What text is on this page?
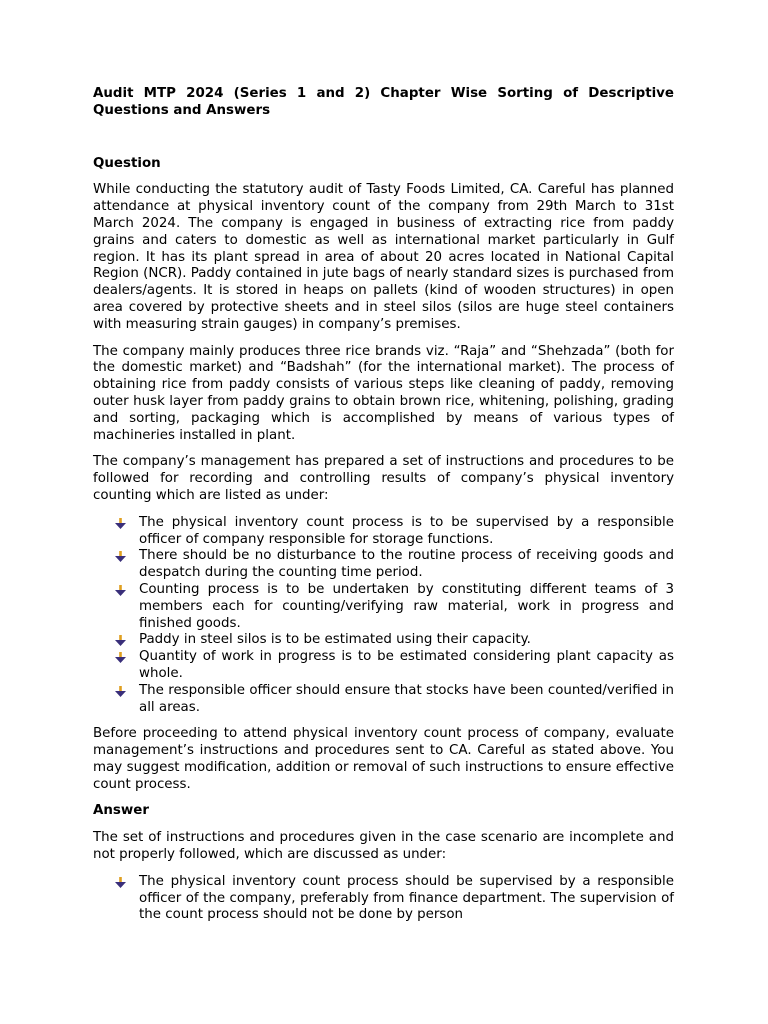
Audit MTP 2024 (Series 1 and 2) Chapter Wise Sorting of Descriptive Questions and Answers

Question

While conducting the statutory audit of Tasty Foods Limited, CA. Careful has planned attendance at physical inventory count of the company from 29th March to 31st March 2024. The company is engaged in business of extracting rice from paddy grains and caters to domestic as well as international market particularly in Gulf region. It has its plant spread in area of about 20 acres located in National Capital Region (NCR). Paddy contained in jute bags of nearly standard sizes is purchased from dealers/agents. It is stored in heaps on pallets (kind of wooden structures) in open area covered by protective sheets and in steel silos (silos are huge steel containers with measuring strain gauges) in company’s premises.

The company mainly produces three rice brands viz. “Raja” and “Shehzada” (both for the domestic market) and “Badshah” (for the international market). The process of obtaining rice from paddy consists of various steps like cleaning of paddy, removing outer husk layer from paddy grains to obtain brown rice, whitening, polishing, grading and sorting, packaging which is accomplished by means of various types of machineries installed in plant.

The company’s management has prepared a set of instructions and procedures to be followed for recording and controlling results of company’s physical inventory counting which are listed as under:

The physical inventory count process is to be supervised by a responsible officer of company responsible for storage functions.
There should be no disturbance to the routine process of receiving goods and despatch during the counting time period.
Counting process is to be undertaken by constituting different teams of 3 members each for counting/verifying raw material, work in progress and finished goods.
Paddy in steel silos is to be estimated using their capacity.
Quantity of work in progress is to be estimated considering plant capacity as whole.
The responsible officer should ensure that stocks have been counted/verified in all areas.

Before proceeding to attend physical inventory count process of company, evaluate management’s instructions and procedures sent to CA. Careful as stated above. You may suggest modification, addition or removal of such instructions to ensure effective count process.

Answer

The set of instructions and procedures given in the case scenario are incomplete and not properly followed, which are discussed as under:

The physical inventory count process should be supervised by a responsible officer of the company, preferably from finance department. The supervision of the count process should not be done by person
